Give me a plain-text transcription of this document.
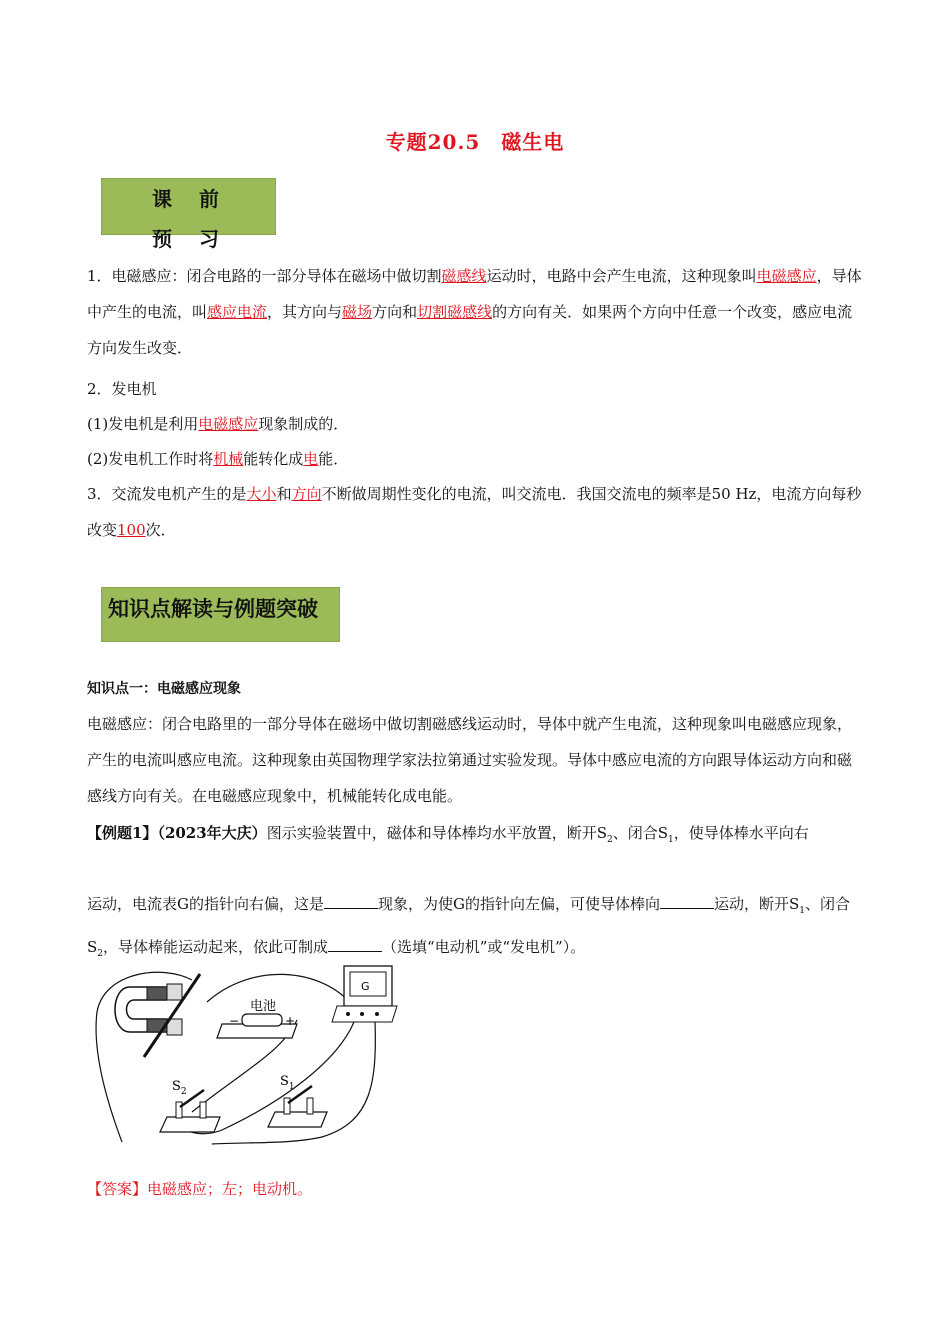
专题20.5　磁生电
课 前 预 习
1．电磁感应：闭合电路的一部分导体在磁场中做切割磁感线运动时，电路中会产生电流，这种现象叫电磁感应，导体中产生的电流，叫感应电流，其方向与磁场方向和切割磁感线的方向有关．如果两个方向中任意一个改变，感应电流方向发生改变．
2．发电机
(1)发电机是利用电磁感应现象制成的．
(2)发电机工作时将机械能转化成电能．
3．交流发电机产生的是大小和方向不断做周期性变化的电流，叫交流电．我国交流电的频率是50 Hz，电流方向每秒改变100次．
知识点解读与例题突破
知识点一：电磁感应现象
电磁感应：闭合电路里的一部分导体在磁场中做切割磁感线运动时，导体中就产生电流，这种现象叫电磁感应现象，产生的电流叫感应电流。这种现象由英国物理学家法拉第通过实验发现。导体中感应电流的方向跟导体运动方向和磁感线方向有关。在电磁感应现象中，机械能转化成电能。
【例题1】（2023年大庆）图示实验装置中，磁体和导体棒均水平放置，断开$S_2$、闭合$S_1$，使导体棒水平向右
运动，电流表G的指针向右偏，这是	现象，为使G的指针向左偏，可使导体棒向	运动，断开$S_1$、闭合$S_2$，导体棒能运动起来，依此可制成	（选填“电动机”或“发电机”）。
电池
−	+
G
$S_2$
$S_1$
【答案】电磁感应；左；电动机。
